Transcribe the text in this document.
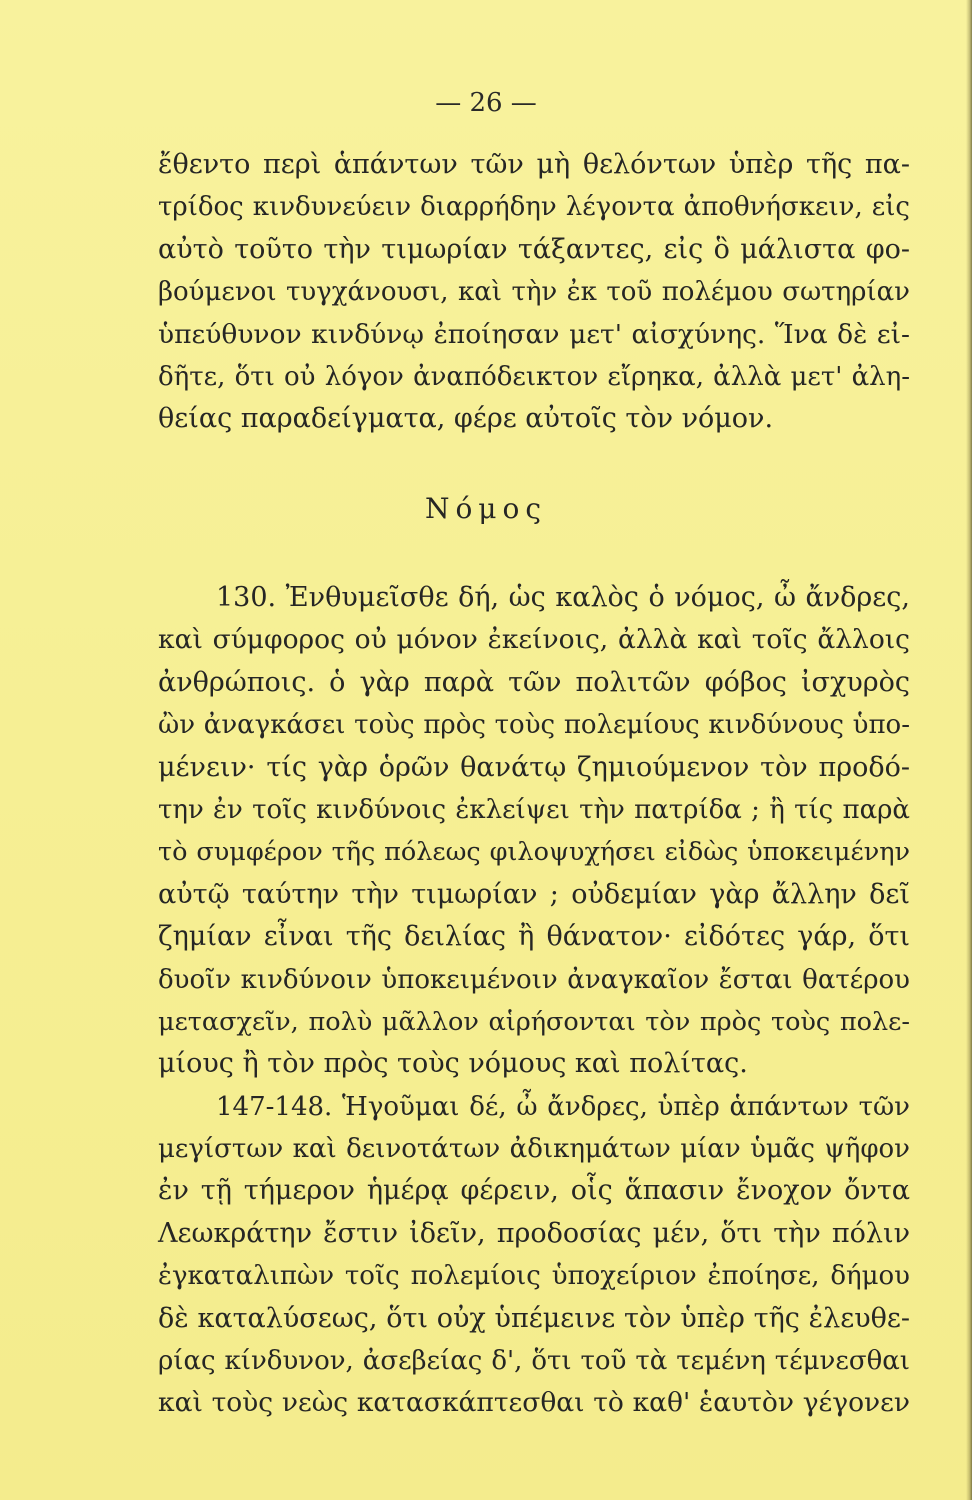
— 26 —
ἔθεντο περὶ ἁπάντων τῶν μὴ θελόντων ὑπὲρ τῆς πα-
τρίδος κινδυνεύειν διαρρήδην λέγοντα ἀποθνήσκειν, εἰς
αὐτὸ τοῦτο τὴν τιμωρίαν τάξαντες, εἰς ὃ μάλιστα φο-
βούμενοι τυγχάνουσι, καὶ τὴν ἐκ τοῦ πολέμου σωτηρίαν
ὑπεύθυνον κινδύνῳ ἐποίησαν μετ' αἰσχύνης. Ἵνα δὲ εἰ-
δῆτε, ὅτι οὐ λόγον ἀναπόδεικτον εἴρηκα, ἀλλὰ μετ' ἀλη-
θείας παραδείγματα, φέρε αὐτοῖς τὸν νόμον.
Νόμος
130. Ἐνθυμεῖσθε δή, ὡς καλὸς ὁ νόμος, ὦ ἄνδρες,
καὶ σύμφορος οὐ μόνον ἐκείνοις, ἀλλὰ καὶ τοῖς ἄλλοις
ἀνθρώποις. ὁ γὰρ παρὰ τῶν πολιτῶν φόβος ἰσχυρὸς
ὢν ἀναγκάσει τοὺς πρὸς τοὺς πολεμίους κινδύνους ὑπο-
μένειν· τίς γὰρ ὁρῶν θανάτῳ ζημιούμενον τὸν προδό-
την ἐν τοῖς κινδύνοις ἐκλείψει τὴν πατρίδα ; ἢ τίς παρὰ
τὸ συμφέρον τῆς πόλεως φιλοψυχήσει εἰδὼς ὑποκειμένην
αὐτῷ ταύτην τὴν τιμωρίαν ; οὐδεμίαν γὰρ ἄλλην δεῖ
ζημίαν εἶναι τῆς δειλίας ἢ θάνατον· εἰδότες γάρ, ὅτι
δυοῖν κινδύνοιν ὑποκειμένοιν ἀναγκαῖον ἔσται θατέρου
μετασχεῖν, πολὺ μᾶλλον αἱρήσονται τὸν πρὸς τοὺς πολε-
μίους ἢ τὸν πρὸς τοὺς νόμους καὶ πολίτας.
147-148. Ἡγοῦμαι δέ, ὦ ἄνδρες, ὑπὲρ ἁπάντων τῶν
μεγίστων καὶ δεινοτάτων ἀδικημάτων μίαν ὑμᾶς ψῆφον
ἐν τῇ τήμερον ἡμέρᾳ φέρειν, οἷς ἅπασιν ἔνοχον ὄντα
Λεωκράτην ἔστιν ἰδεῖν, προδοσίας μέν, ὅτι τὴν πόλιν
ἐγκαταλιπὼν τοῖς πολεμίοις ὑποχείριον ἐποίησε, δήμου
δὲ καταλύσεως, ὅτι οὐχ ὑπέμεινε τὸν ὑπὲρ τῆς ἐλευθε-
ρίας κίνδυνον, ἀσεβείας δ', ὅτι τοῦ τὰ τεμένη τέμνεσθαι
καὶ τοὺς νεὼς κατασκάπτεσθαι τὸ καθ' ἑαυτὸν γέγονεν
